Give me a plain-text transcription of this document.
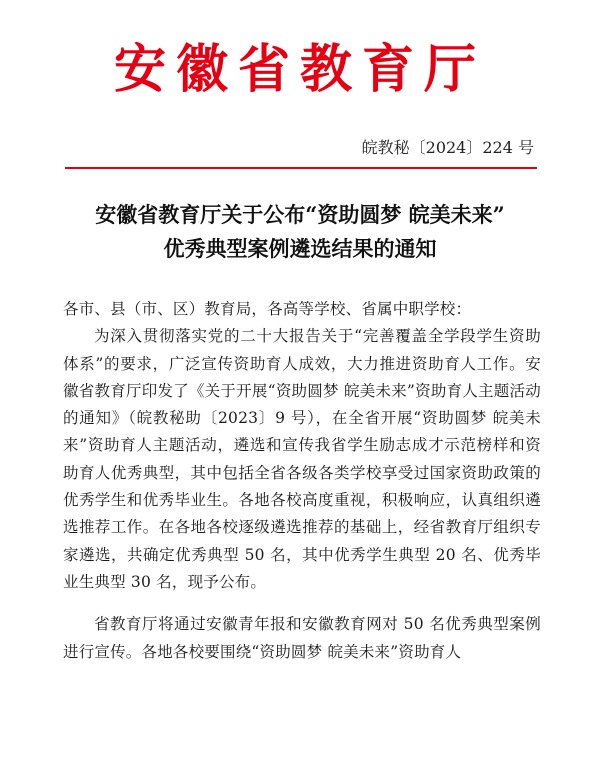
安徽省教育厅
皖教秘〔2024〕224 号
安徽省教育厅关于公布“资助圆梦 皖美未来”
优秀典型案例遴选结果的通知

各市、县（市、区）教育局，各高等学校、省属中职学校：

为深入贯彻落实党的二十大报告关于“完善覆盖全学段学生资助体系”的要求，广泛宣传资助育人成效，大力推进资助育人工作。安徽省教育厅印发了《关于开展“资助圆梦 皖美未来”资助育人主题活动的通知》（皖教秘助〔2023〕9 号），在全省开展“资助圆梦 皖美未来”资助育人主题活动，遴选和宣传我省学生励志成才示范榜样和资助育人优秀典型，其中包括全省各级各类学校享受过国家资助政策的优秀学生和优秀毕业生。各地各校高度重视，积极响应，认真组织遴选推荐工作。在各地各校逐级遴选推荐的基础上，经省教育厅组织专家遴选，共确定优秀典型 50 名，其中优秀学生典型 20 名、优秀毕业生典型 30 名，现予公布。

省教育厅将通过安徽青年报和安徽教育网对 50 名优秀典型案例进行宣传。各地各校要围绕“资助圆梦 皖美未来”资助育人
